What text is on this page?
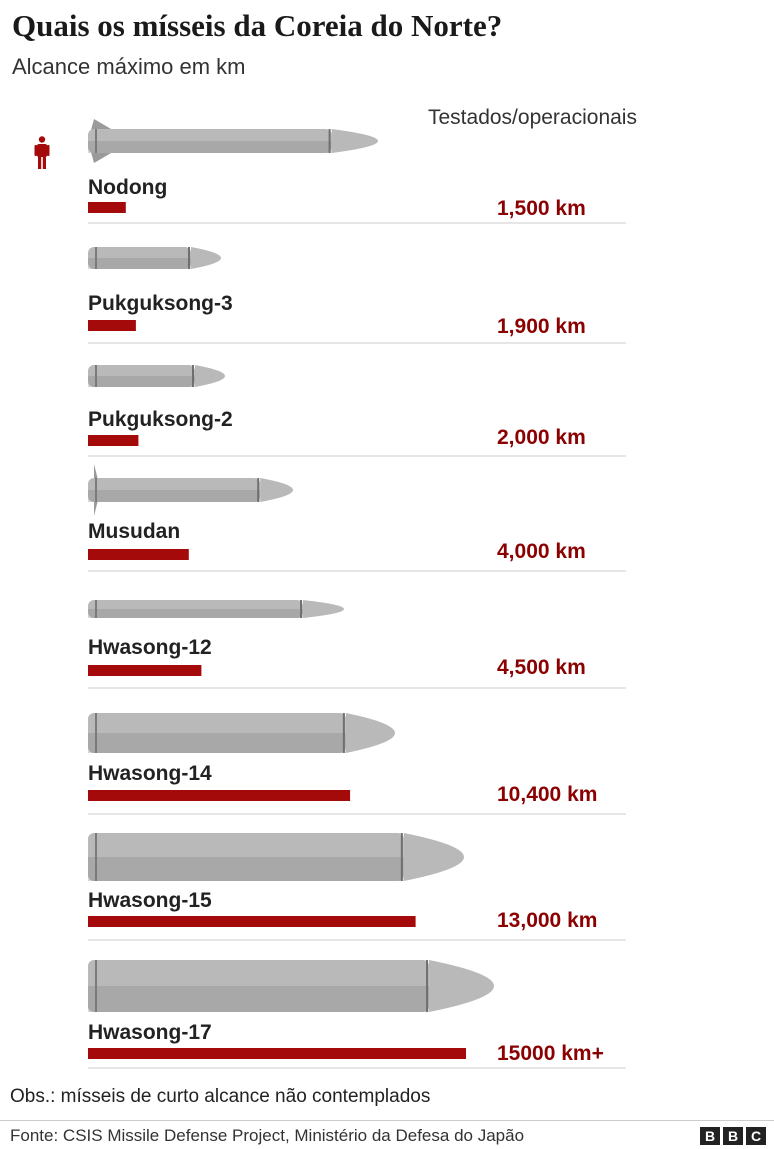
Quais os mísseis da Coreia do Norte?
Alcance máximo em km
Testados/operacionais
Nodong
1,500 km
Pukguksong-3
1,900 km
Pukguksong-2
2,000 km
Musudan
4,000 km
Hwasong-12
4,500 km
Hwasong-14
10,400 km
Hwasong-15
13,000 km
Hwasong-17
15000 km+
Obs.: mísseis de curto alcance não contemplados
Fonte: CSIS Missile Defense Project, Ministério da Defesa do Japão	B B C
